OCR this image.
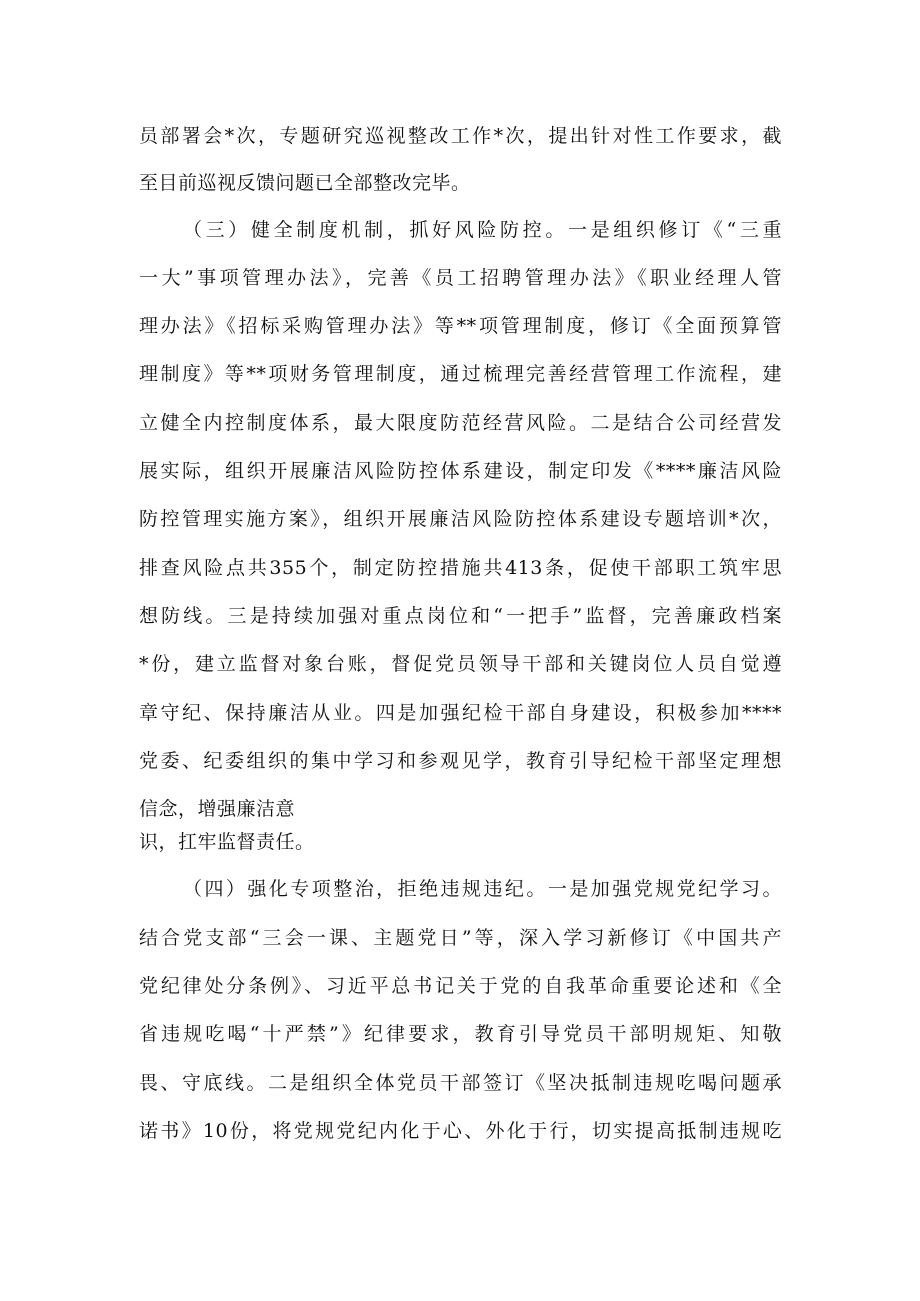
员部署会*次，专题研究巡视整改工作*次，提出针对性工作要求，截
至目前巡视反馈问题已全部整改完毕。
（三）健全制度机制，抓好风险防控。一是组织修订《“三重
一大”事项管理办法》，完善《员工招聘管理办法》《职业经理人管
理办法》《招标采购管理办法》等**项管理制度，修订《全面预算管
理制度》等**项财务管理制度，通过梳理完善经营管理工作流程，建
立健全内控制度体系，最大限度防范经营风险。二是结合公司经营发
展实际，组织开展廉洁风险防控体系建设，制定印发《****廉洁风险
防控管理实施方案》，组织开展廉洁风险防控体系建设专题培训*次，
排查风险点共355个，制定防控措施共413条，促使干部职工筑牢思
想防线。三是持续加强对重点岗位和“一把手”监督，完善廉政档案
*份，建立监督对象台账，督促党员领导干部和关键岗位人员自觉遵
章守纪、保持廉洁从业。四是加强纪检干部自身建设，积极参加****
党委、纪委组织的集中学习和参观见学，教育引导纪检干部坚定理想
信念，增强廉洁意
识，扛牢监督责任。
（四）强化专项整治，拒绝违规违纪。一是加强党规党纪学习。
结合党支部“三会一课、主题党日”等，深入学习新修订《中国共产
党纪律处分条例》、习近平总书记关于党的自我革命重要论述和《全
省违规吃喝“十严禁”》纪律要求，教育引导党员干部明规矩、知敬
畏、守底线。二是组织全体党员干部签订《坚决抵制违规吃喝问题承
诺书》10份，将党规党纪内化于心、外化于行，切实提高抵制违规吃
